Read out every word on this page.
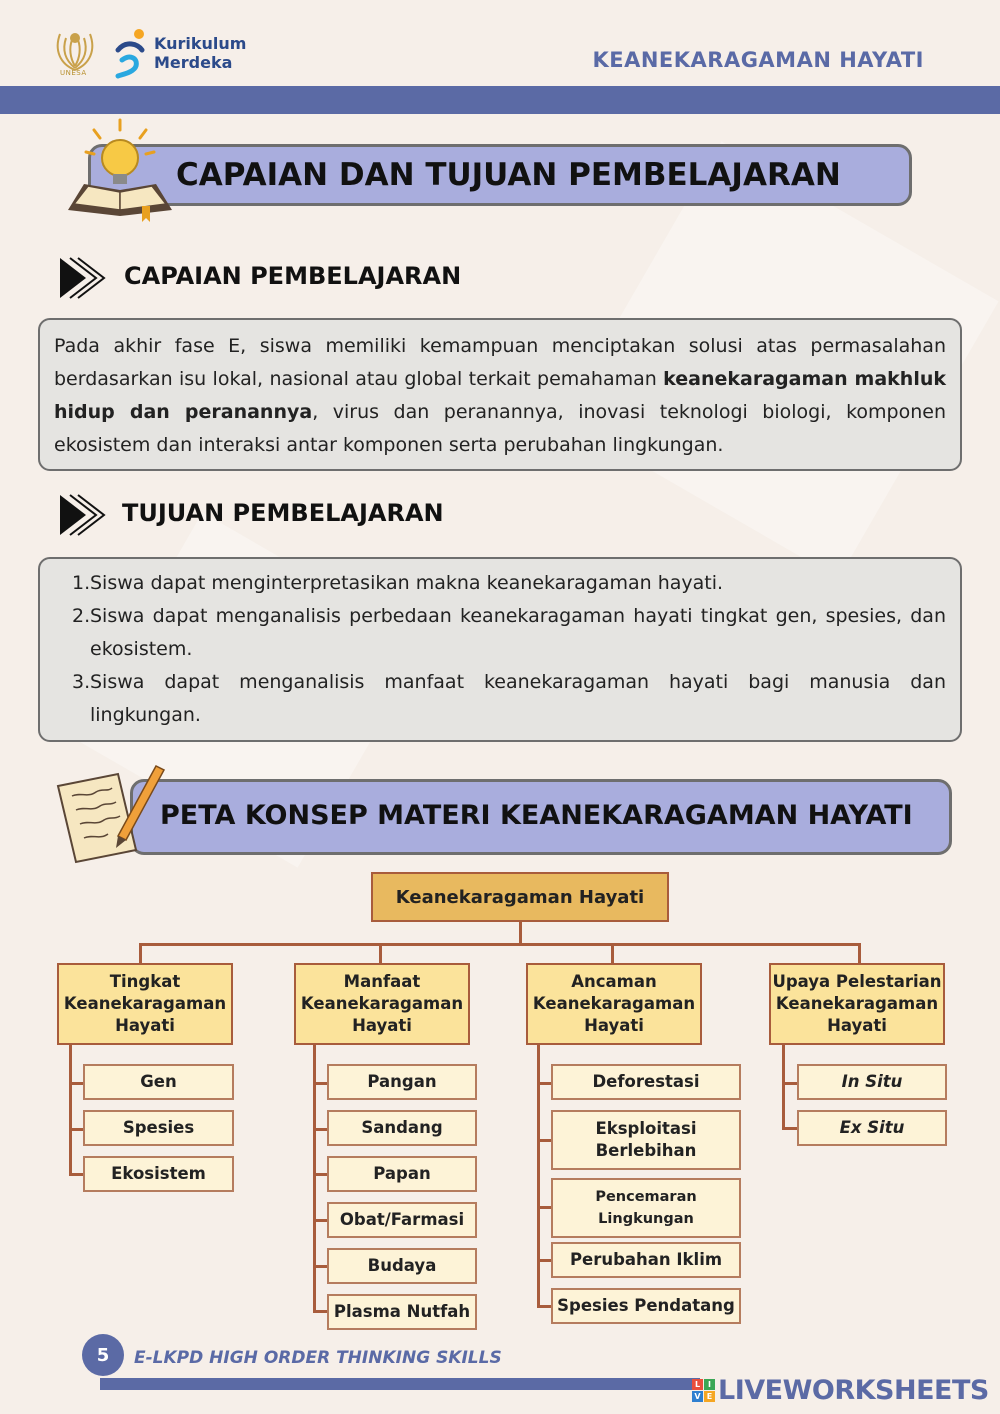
UNESA
Kurikulum
Merdeka	KEANEKARAGAMAN HAYATI
CAPAIAN DAN TUJUAN PEMBELAJARAN
CAPAIAN PEMBELAJARAN

Pada akhir fase E, siswa memiliki kemampuan menciptakan solusi atas permasalahan berdasarkan isu lokal, nasional atau global terkait pemahaman keanekaragaman makhluk hidup dan peranannya, virus dan peranannya, inovasi teknologi biologi, komponen ekosistem dan interaksi antar komponen serta perubahan lingkungan.

TUJUAN PEMBELAJARAN
1. Siswa dapat menginterpretasikan makna keanekaragaman hayati.
2. Siswa dapat menganalisis perbedaan keanekaragaman hayati tingkat gen, spesies, dan ekosistem.
3. Siswa dapat menganalisis manfaat keanekaragaman hayati bagi manusia dan lingkungan.
PETA KONSEP MATERI KEANEKARAGAMAN HAYATI
Keanekaragaman Hayati
Tingkat Keanekaragaman Hayati
Gen
Spesies
Ekosistem
Manfaat Keanekaragaman Hayati
Pangan
Sandang
Papan
Obat/Farmasi
Budaya
Plasma Nutfah
Ancaman Keanekaragaman Hayati
Deforestasi
Eksploitasi Berlebihan
Pencemaran Lingkungan
Perubahan Iklim
Spesies Pendatang
Upaya Pelestarian Keanekaragaman Hayati
In Situ
Ex Situ
5	E-LKPD HIGH ORDER THINKING SKILLS
L I
V E LIVEWORKSHEETS
